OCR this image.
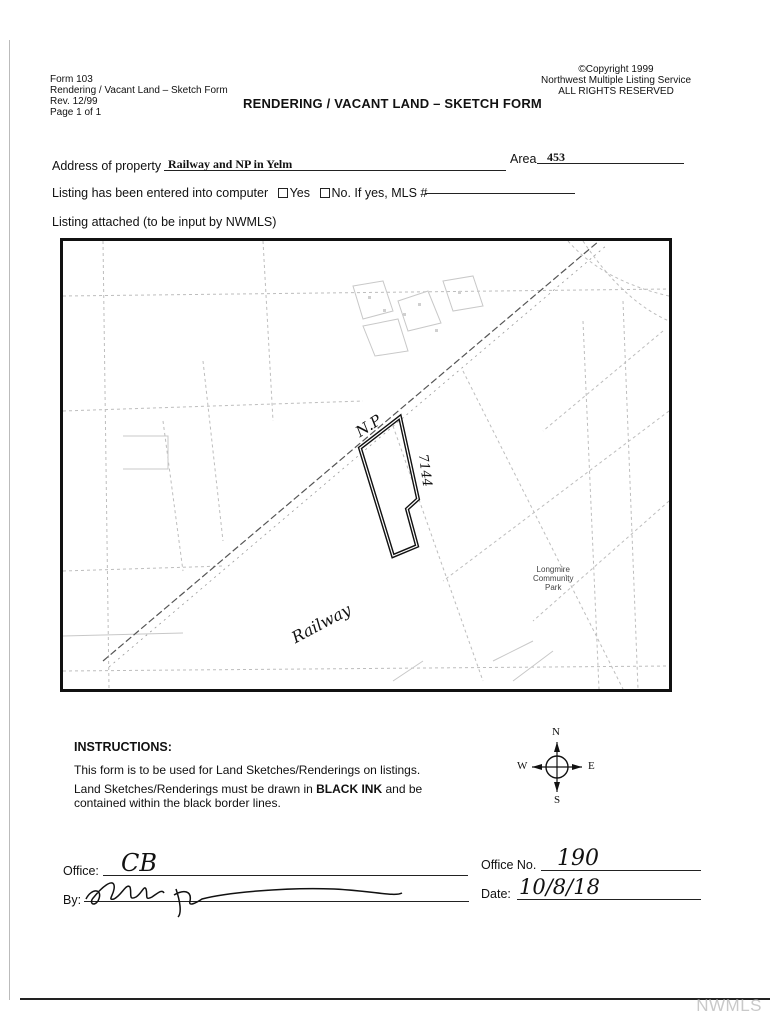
Form 103
Rendering / Vacant Land – Sketch Form
Rev. 12/99
Page 1 of 1
©Copyright 1999
Northwest Multiple Listing Service
ALL RIGHTS RESERVED
RENDERING / VACANT LAND – SKETCH FORM
Address of property Railway and NP in Yelm	Area 453
Listing has been entered into computer Yes No. If yes, MLS #
Listing attached (to be input by NWMLS)
N.P
7144
Railway
Longmire
Community
Park
INSTRUCTIONS:
This form is to be used for Land Sketches/Renderings on listings.
Land Sketches/Renderings must be drawn in BLACK INK and be
contained within the black border lines.
N
S
E
W
Office: CB	Office No. 190
By:	Date: 10/8/18
NWMLS
